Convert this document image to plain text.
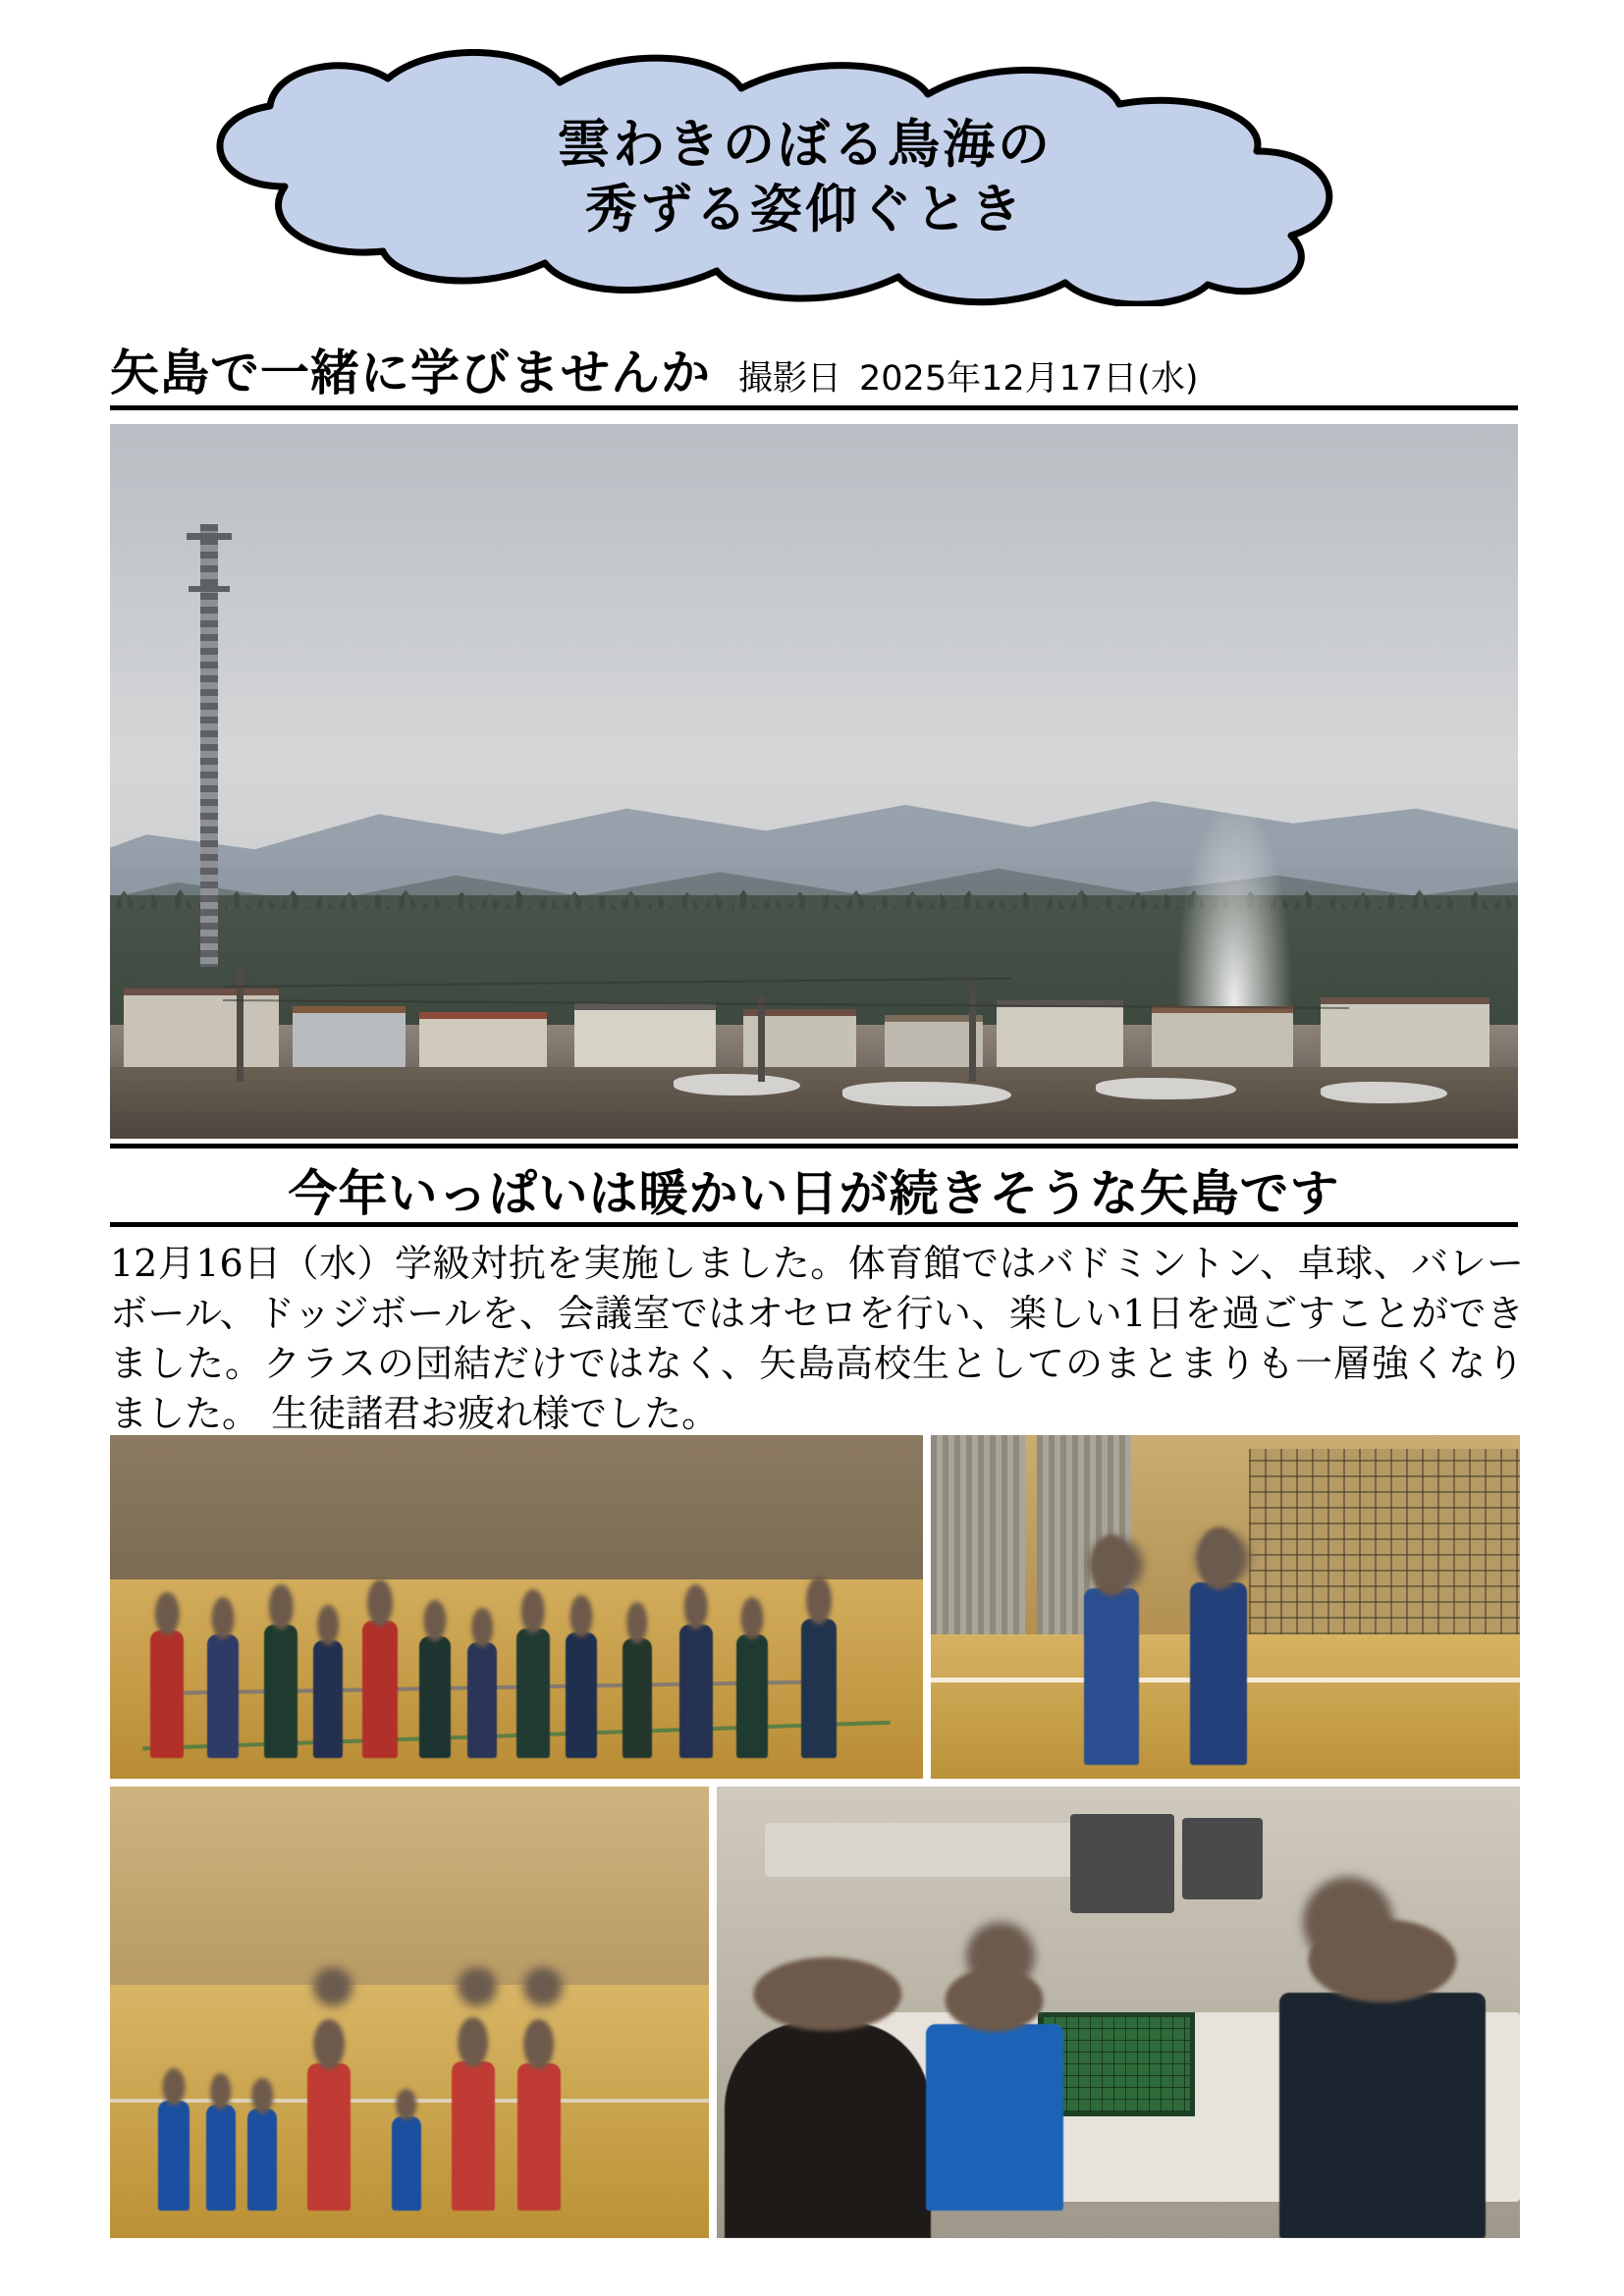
雲わきのぼる鳥海の
秀ずる姿仰ぐとき
矢島で一緒に学びませんか 撮影日 2025年12月17日(水)
今年いっぱいは暖かい日が続きそうな矢島です
12月16日（水）学級対抗を実施しました。体育館ではバドミントン、卓球、バレーボール、ドッジボールを、会議室ではオセロを行い、楽しい1日を過ごすことができました。クラスの団結だけではなく、矢島高校生としてのまとまりも一層強くなりました。 生徒諸君お疲れ様でした。
